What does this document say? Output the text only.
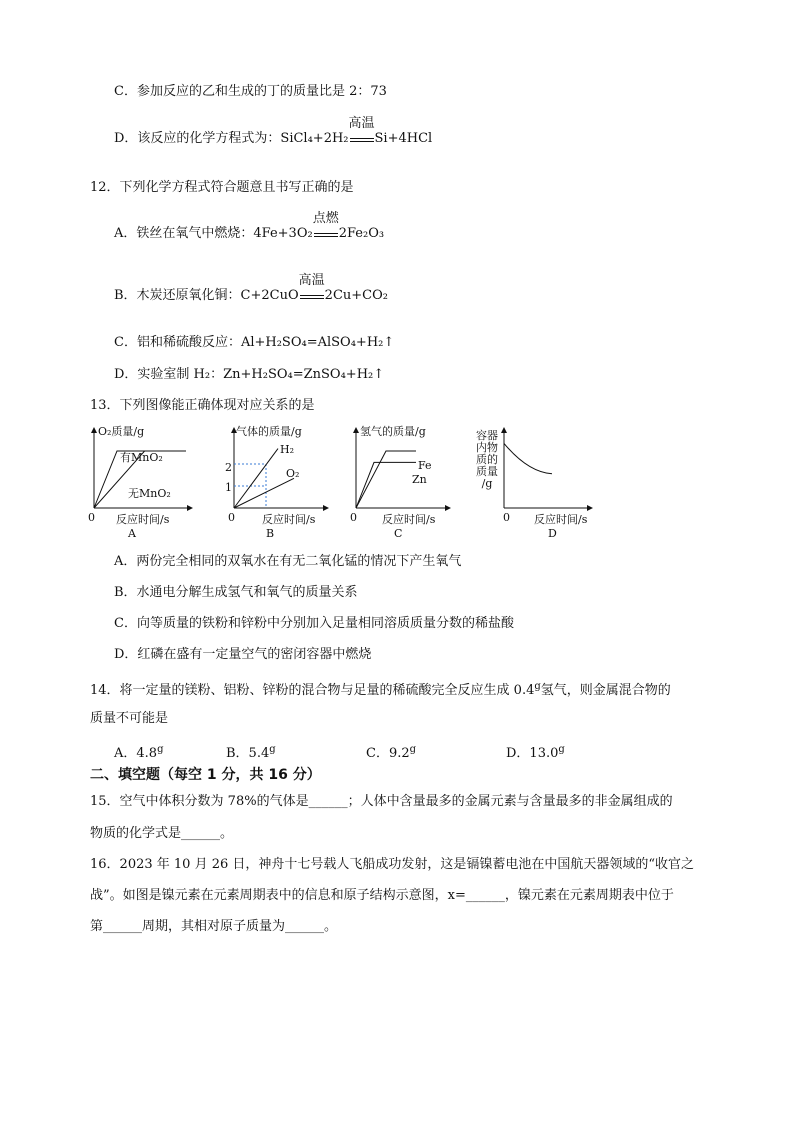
C．参加反应的乙和生成的丁的质量比是 2：73
D．该反应的化学方程式为：SiCl₄+2H₂
高温
Si+4HCl
12．下列化学方程式符合题意且书写正确的是
A．铁丝在氧气中燃烧：4Fe+3O₂
点燃
2Fe₂O₃
B．木炭还原氧化铜：C+2CuO
高温
2Cu+CO₂
C．铝和稀硫酸反应：Al+H₂SO₄=AlSO₄+H₂↑
D．实验室制 H₂：Zn+H₂SO₄=ZnSO₄+H₂↑
13．下列图像能正确体现对应关系的是
O₂质量/g
有MnO₂
无MnO₂
0 反应时间/s
A
气体的质量/g
H₂
O₂
2
1
0 反应时间/s
B
氢气的质量/g
Fe
Zn
0 反应时间/s
C
容器
内物
质的
质量
/g
0 反应时间/s
D
A．两份完全相同的双氧水在有无二氧化锰的情况下产生氧气
B．水通电分解生成氢气和氧气的质量关系
C．向等质量的铁粉和锌粉中分别加入足量相同溶质质量分数的稀盐酸
D．红磷在盛有一定量空气的密闭容器中燃烧
14．将一定量的镁粉、铝粉、锌粉的混合物与足量的稀硫酸完全反应生成 0.4$^g$氢气，则金属混合物的
质量不可能是
A．4.8$^g$	B．5.4$^g$	C．9.2$^g$	D．13.0$^g$
二、填空题（每空 1 分，共 16 分）
15．空气中体积分数为 78%的气体是______；人体中含量最多的金属元素与含量最多的非金属组成的
物质的化学式是______。
16．2023 年 10 月 26 日，神舟十七号载人飞船成功发射，这是镉镍蓄电池在中国航天器领域的“收官之
战”。如图是镍元素在元素周期表中的信息和原子结构示意图，x=______，镍元素在元素周期表中位于
第______周期，其相对原子质量为______。
